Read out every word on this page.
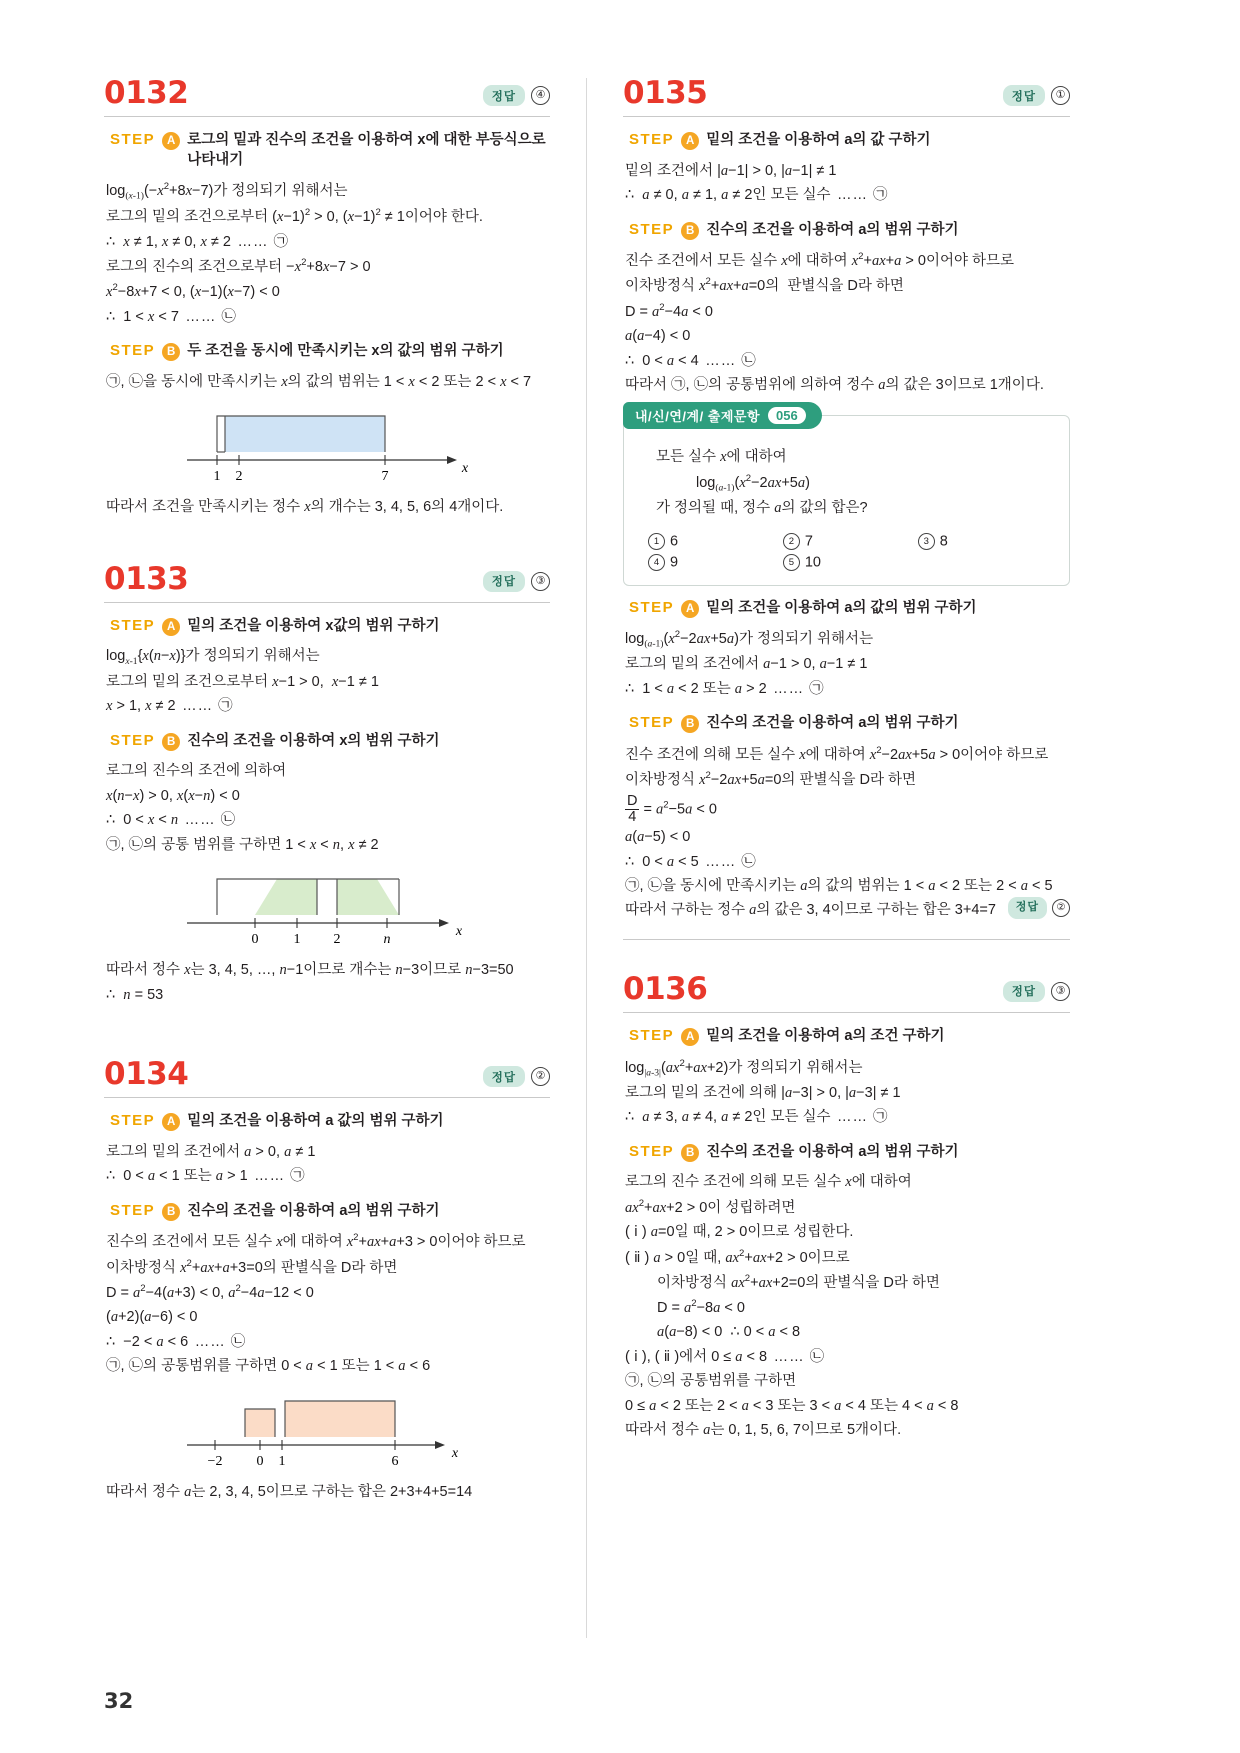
0132	정답	④
STEP	A 로그의 밑과 진수의 조건을 이용하여 x에 대한 부등식으로 나타내기

$\log_{(x-1)}(-x^2+8x-7)$가 정의되기 위해서는

로그의 밑의 조건으로부터 $(x-1)^2 > 0$, $(x-1)^2 \ne 1$이어야 한다.

∴  x ≠ 1, x ≠ 0, x ≠ 2 …… ㉠

로그의 진수의 조건으로부터 $-x^2+8x-7 > 0$

$x^2-8x+7 < 0$, (x−1)(x−7) < 0

∴  1 < x < 7 …… ㉡

STEP	B 두 조건을 동시에 만족시키는 x의 값의 범위 구하기

㉠, ㉡을 동시에 만족시키는 x의 값의 범위는 1 < x < 2 또는 2 < x < 7

1 2	7
x

따라서 조건을 만족시키는 정수 x의 개수는 3, 4, 5, 6의 4개이다.

0133	정답	③
STEP	A 밑의 조건을 이용하여 x값의 범위 구하기

$\log_{x-1}\{x(n-x)\}$가 정의되기 위해서는

로그의 밑의 조건으로부터 x−1 > 0,  x−1 ≠ 1

x > 1, x ≠ 2 …… ㉠

STEP	B 진수의 조건을 이용하여 x의 범위 구하기

로그의 진수의 조건에 의하여

x(n−x) > 0, x(x−n) < 0

∴  0 < x < n …… ㉡

㉠, ㉡의 공통 범위를 구하면 1 < x < n, x ≠ 2

0	1 2	n
x

따라서 정수 x는 3, 4, 5, …, n−1이므로 개수는 n−3이므로 n−3=50

∴  n = 53

0134	정답	②
STEP	A 밑의 조건을 이용하여 a 값의 범위 구하기

로그의 밑의 조건에서 a > 0, a ≠ 1

∴  0 < a < 1 또는 a > 1 …… ㉠

STEP	B 진수의 조건을 이용하여 a의 범위 구하기

진수의 조건에서 모든 실수 x에 대하여 $x^2+ax+a+3 > 0$이어야 하므로

이차방정식 $x^2+ax+a+3=0$의 판별식을 D라 하면

$D = a^2-4(a+3) < 0$, $a^2-4a-12 < 0$

(a+2)(a−6) < 0

∴  −2 < a < 6 …… ㉡

㉠, ㉡의 공통범위를 구하면 0 < a < 1 또는 1 < a < 6

−2 0 1	6
x

따라서 정수 a는 2, 3, 4, 5이므로 구하는 합은 2+3+4+5=14

0135	정답	①
STEP	A 밑의 조건을 이용하여 a의 값 구하기

밑의 조건에서 |a−1| > 0, |a−1| ≠ 1

∴  a ≠ 0, a ≠ 1, a ≠ 2인 모든 실수 …… ㉠

STEP	B 진수의 조건을 이용하여 a의 범위 구하기

진수 조건에서 모든 실수 x에 대하여 $x^2+ax+a > 0$이어야 하므로

이차방정식 $x^2+ax+a=0$의  판별식을 D라 하면

$D = a^2-4a < 0$

a(a−4) < 0

∴  0 < a < 4 …… ㉡

따라서 ㉠, ㉡의 공통범위에 의하여 정수 a의 값은 3이므로 1개이다.

내/신/연/계/ 출제문항	056

모든 실수 x에 대하여

$\log_{(a-1)}(x^2-2ax+5a)$

가 정의될 때, 정수 a의 값의 합은?

1 6	2 7	3 8
4 9	5 10
STEP	A 밑의 조건을 이용하여 a의 값의 범위 구하기

$\log_{(a-1)}(x^2-2ax+5a)$가 정의되기 위해서는

로그의 밑의 조건에서 a−1 > 0, a−1 ≠ 1

∴  1 < a < 2 또는 a > 2 …… ㉠

STEP	B 진수의 조건을 이용하여 a의 범위 구하기

진수 조건에 의해 모든 실수 x에 대하여 $x^2-2ax+5a > 0$이어야 하므로

이차방정식 $x^2-2ax+5a=0$의 판별식을 D라 하면

$\frac{D}{4} = a^2-5a < 0$

a(a−5) < 0

∴  0 < a < 5 …… ㉡

㉠, ㉡을 동시에 만족시키는 a의 값의 범위는 1 < a < 2 또는 2 < a < 5

따라서 구하는 정수 a의 값은 3, 4이므로 구하는 합은 3+4=7	정답	②

0136	정답	③
STEP	A 밑의 조건을 이용하여 a의 조건 구하기

$\log_{|a-3|}(ax^2+ax+2)$가 정의되기 위해서는

로그의 밑의 조건에 의해 |a−3| > 0, |a−3| ≠ 1

∴  a ≠ 3, a ≠ 4, a ≠ 2인 모든 실수 …… ㉠

STEP	B 진수의 조건을 이용하여 a의 범위 구하기

로그의 진수 조건에 의해 모든 실수 x에 대하여

$ax^2+ax+2 > 0$이 성립하려면

( ⅰ ) a=0일 때, 2 > 0이므로 성립한다.

( ⅱ ) a > 0일 때, $ax^2+ax+2 > 0$이므로

이차방정식 $ax^2+ax+2=0$의 판별식을 D라 하면

$D = a^2-8a < 0$

a(a−8) < 0  ∴ 0 < a < 8

( ⅰ ), ( ⅱ )에서 0 ≤ a < 8 …… ㉡

㉠, ㉡의 공통범위를 구하면

0 ≤ a < 2 또는 2 < a < 3 또는 3 < a < 4 또는 4 < a < 8

따라서 정수 a는 0, 1, 5, 6, 7이므로 5개이다.

32
